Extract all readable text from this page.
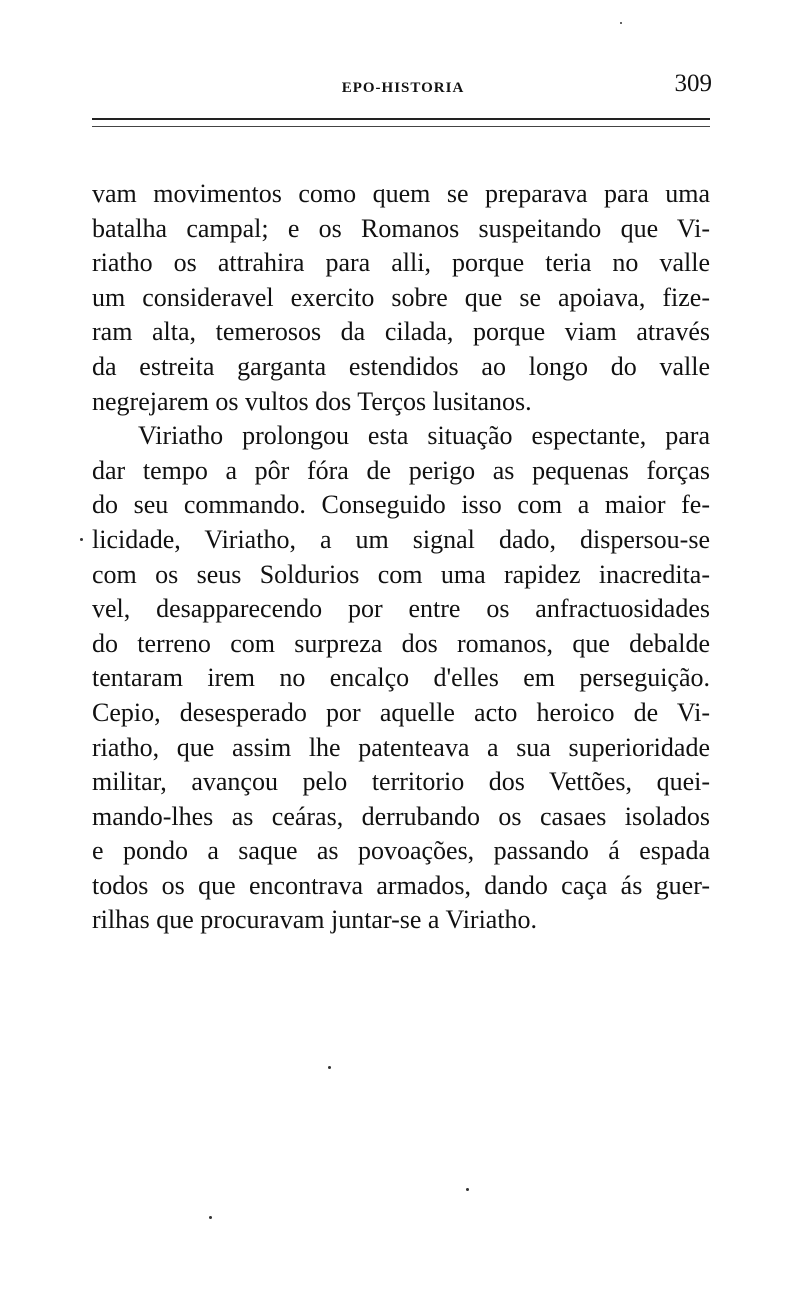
EPO-HISTORIA	309
vam movimentos como quem se preparava para uma
batalha campal; e os Romanos suspeitando que Vi-
riatho os attrahira para alli, porque teria no valle
um consideravel exercito sobre que se apoiava, fize-
ram alta, temerosos da cilada, porque viam através
da estreita garganta estendidos ao longo do valle
negrejarem os vultos dos Terços lusitanos.
Viriatho prolongou esta situação espectante, para
dar tempo a pôr fóra de perigo as pequenas forças
do seu commando. Conseguido isso com a maior fe-
licidade, Viriatho, a um signal dado, dispersou-se
com os seus Soldurios com uma rapidez inacredita-
vel, desapparecendo por entre os anfractuosidades
do terreno com surpreza dos romanos, que debalde
tentaram irem no encalço d'elles em perseguição.
Cepio, desesperado por aquelle acto heroico de Vi-
riatho, que assim lhe patenteava a sua superioridade
militar, avançou pelo territorio dos Vettões, quei-
mando-lhes as ceáras, derrubando os casaes isolados
e pondo a saque as povoações, passando á espada
todos os que encontrava armados, dando caça ás guer-
rilhas que procuravam juntar-se a Viriatho.
